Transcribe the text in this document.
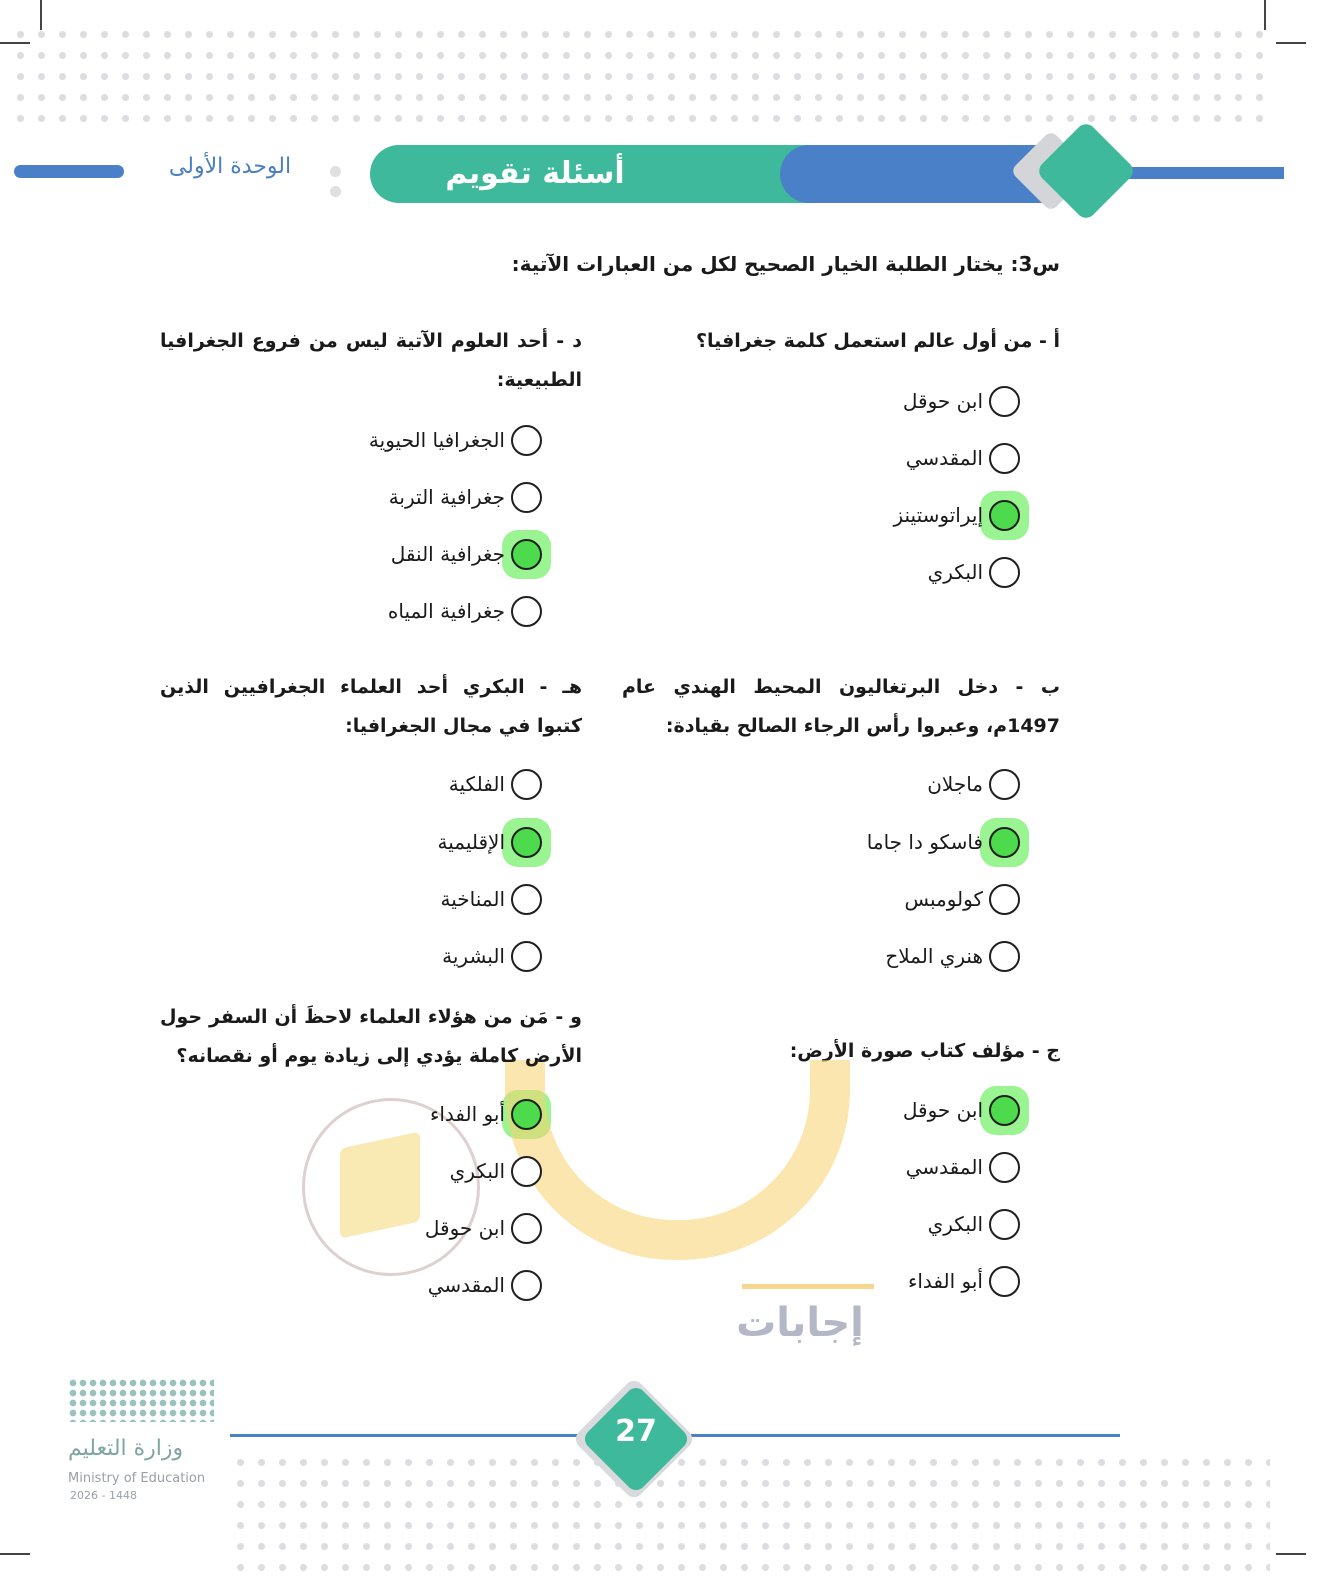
الوحدة الأولى	أسئلة تقويم
س3: يختار الطلبة الخيار الصحيح لكل من العبارات الآتية:
أ - من أول عالم استعمل كلمة جغرافيا؟
ابن حوقل
المقدسي
إيراتوستينز
البكري
ب - دخل البرتغاليون المحيط الهندي عام 1497م، وعبروا رأس الرجاء الصالح بقيادة:
ماجلان
فاسكو دا جاما
كولومبس
هنري الملاح
ج - مؤلف كتاب صورة الأرض:
ابن حوقل
المقدسي
البكري
أبو الفداء
إجابات
د - أحد العلوم الآتية ليس من فروع الجغرافيا الطبيعية:
الجغرافيا الحيوية
جغرافية التربة
جغرافية النقل
جغرافية المياه
هـ - البكري أحد العلماء الجغرافيين الذين كتبوا في مجال الجغرافيا:
الفلكية
الإقليمية
المناخية
البشرية
و - مَن من هؤلاء العلماء لاحظَ أن السفر حول الأرض كاملة يؤدي إلى زيادة يوم أو نقصانه؟
أبو الفداء
البكري
ابن حوقل
المقدسي
وزارة التعليم
Ministry of Education
2026 - 1448
27
